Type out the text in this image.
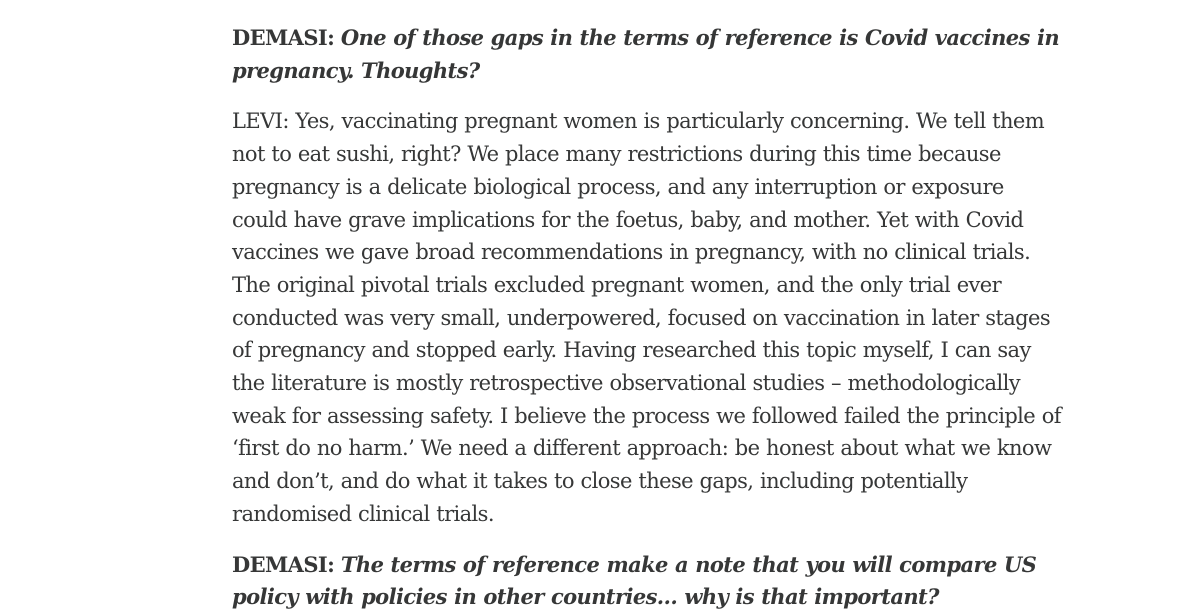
DEMASI: One of those gaps in the terms of reference is Covid vaccines in pregnancy. Thoughts?

LEVI: Yes, vaccinating pregnant women is particularly concerning. We tell them not to eat sushi, right? We place many restrictions during this time because pregnancy is a delicate biological process, and any interruption or exposure could have grave implications for the foetus, baby, and mother. Yet with Covid vaccines we gave broad recommendations in pregnancy, with no clinical trials. The original pivotal trials excluded pregnant women, and the only trial ever conducted was very small, underpowered, focused on vaccination in later stages of pregnancy and stopped early. Having researched this topic myself, I can say the literature is mostly retrospective observational studies – methodologically weak for assessing safety. I believe the process we followed failed the principle of ‘first do no harm.’ We need a different approach: be honest about what we know and don’t, and do what it takes to close these gaps, including potentially randomised clinical trials.

DEMASI: The terms of reference make a note that you will compare US policy with policies in other countries… why is that important?
